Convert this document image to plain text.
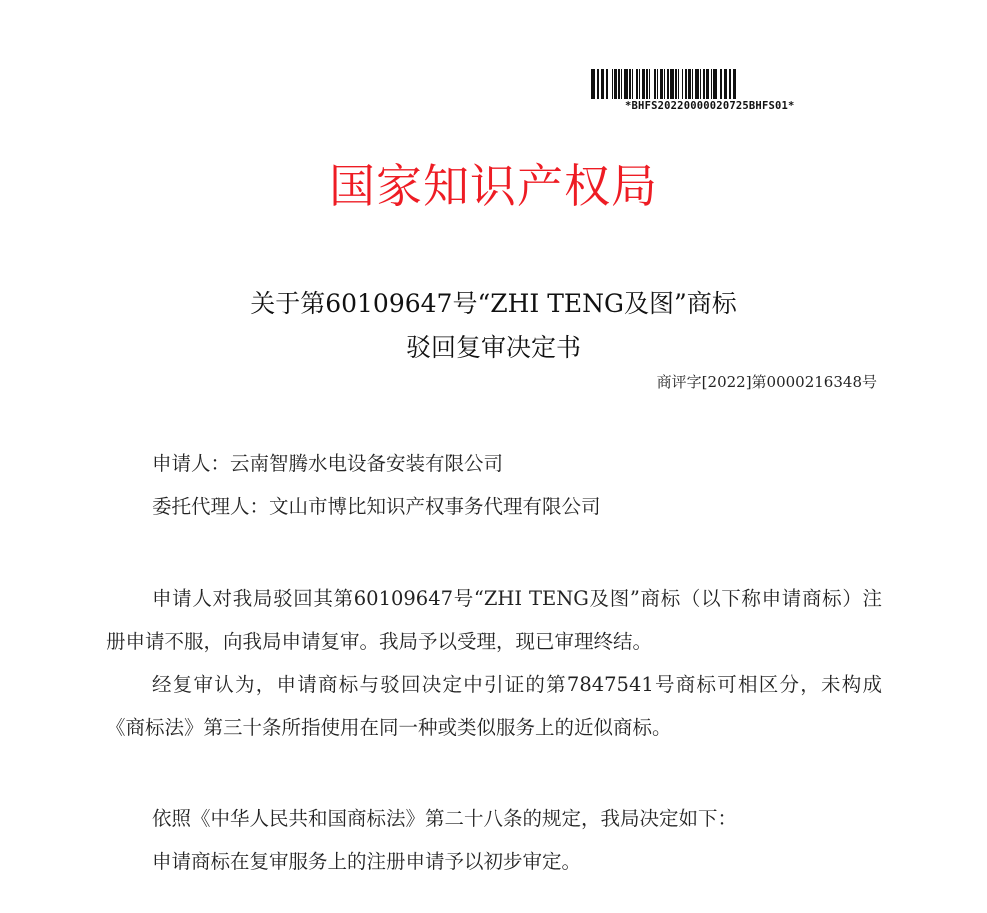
*BHFS20220000020725BHFS01*
国家知识产权局
关于第60109647号“ZHI TENG及图”商标
驳回复审决定书
商评字[2022]第0000216348号
申请人：云南智腾水电设备安装有限公司
委托代理人：文山市博比知识产权事务代理有限公司
申请人对我局驳回其第60109647号“ZHI TENG及图”商标（以下称申请商标）注册申请不服，向我局申请复审。我局予以受理，现已审理终结。
经复审认为，申请商标与驳回决定中引证的第7847541号商标可相区分，未构成《商标法》第三十条所指使用在同一种或类似服务上的近似商标。
依照《中华人民共和国商标法》第二十八条的规定，我局决定如下：
申请商标在复审服务上的注册申请予以初步审定。
